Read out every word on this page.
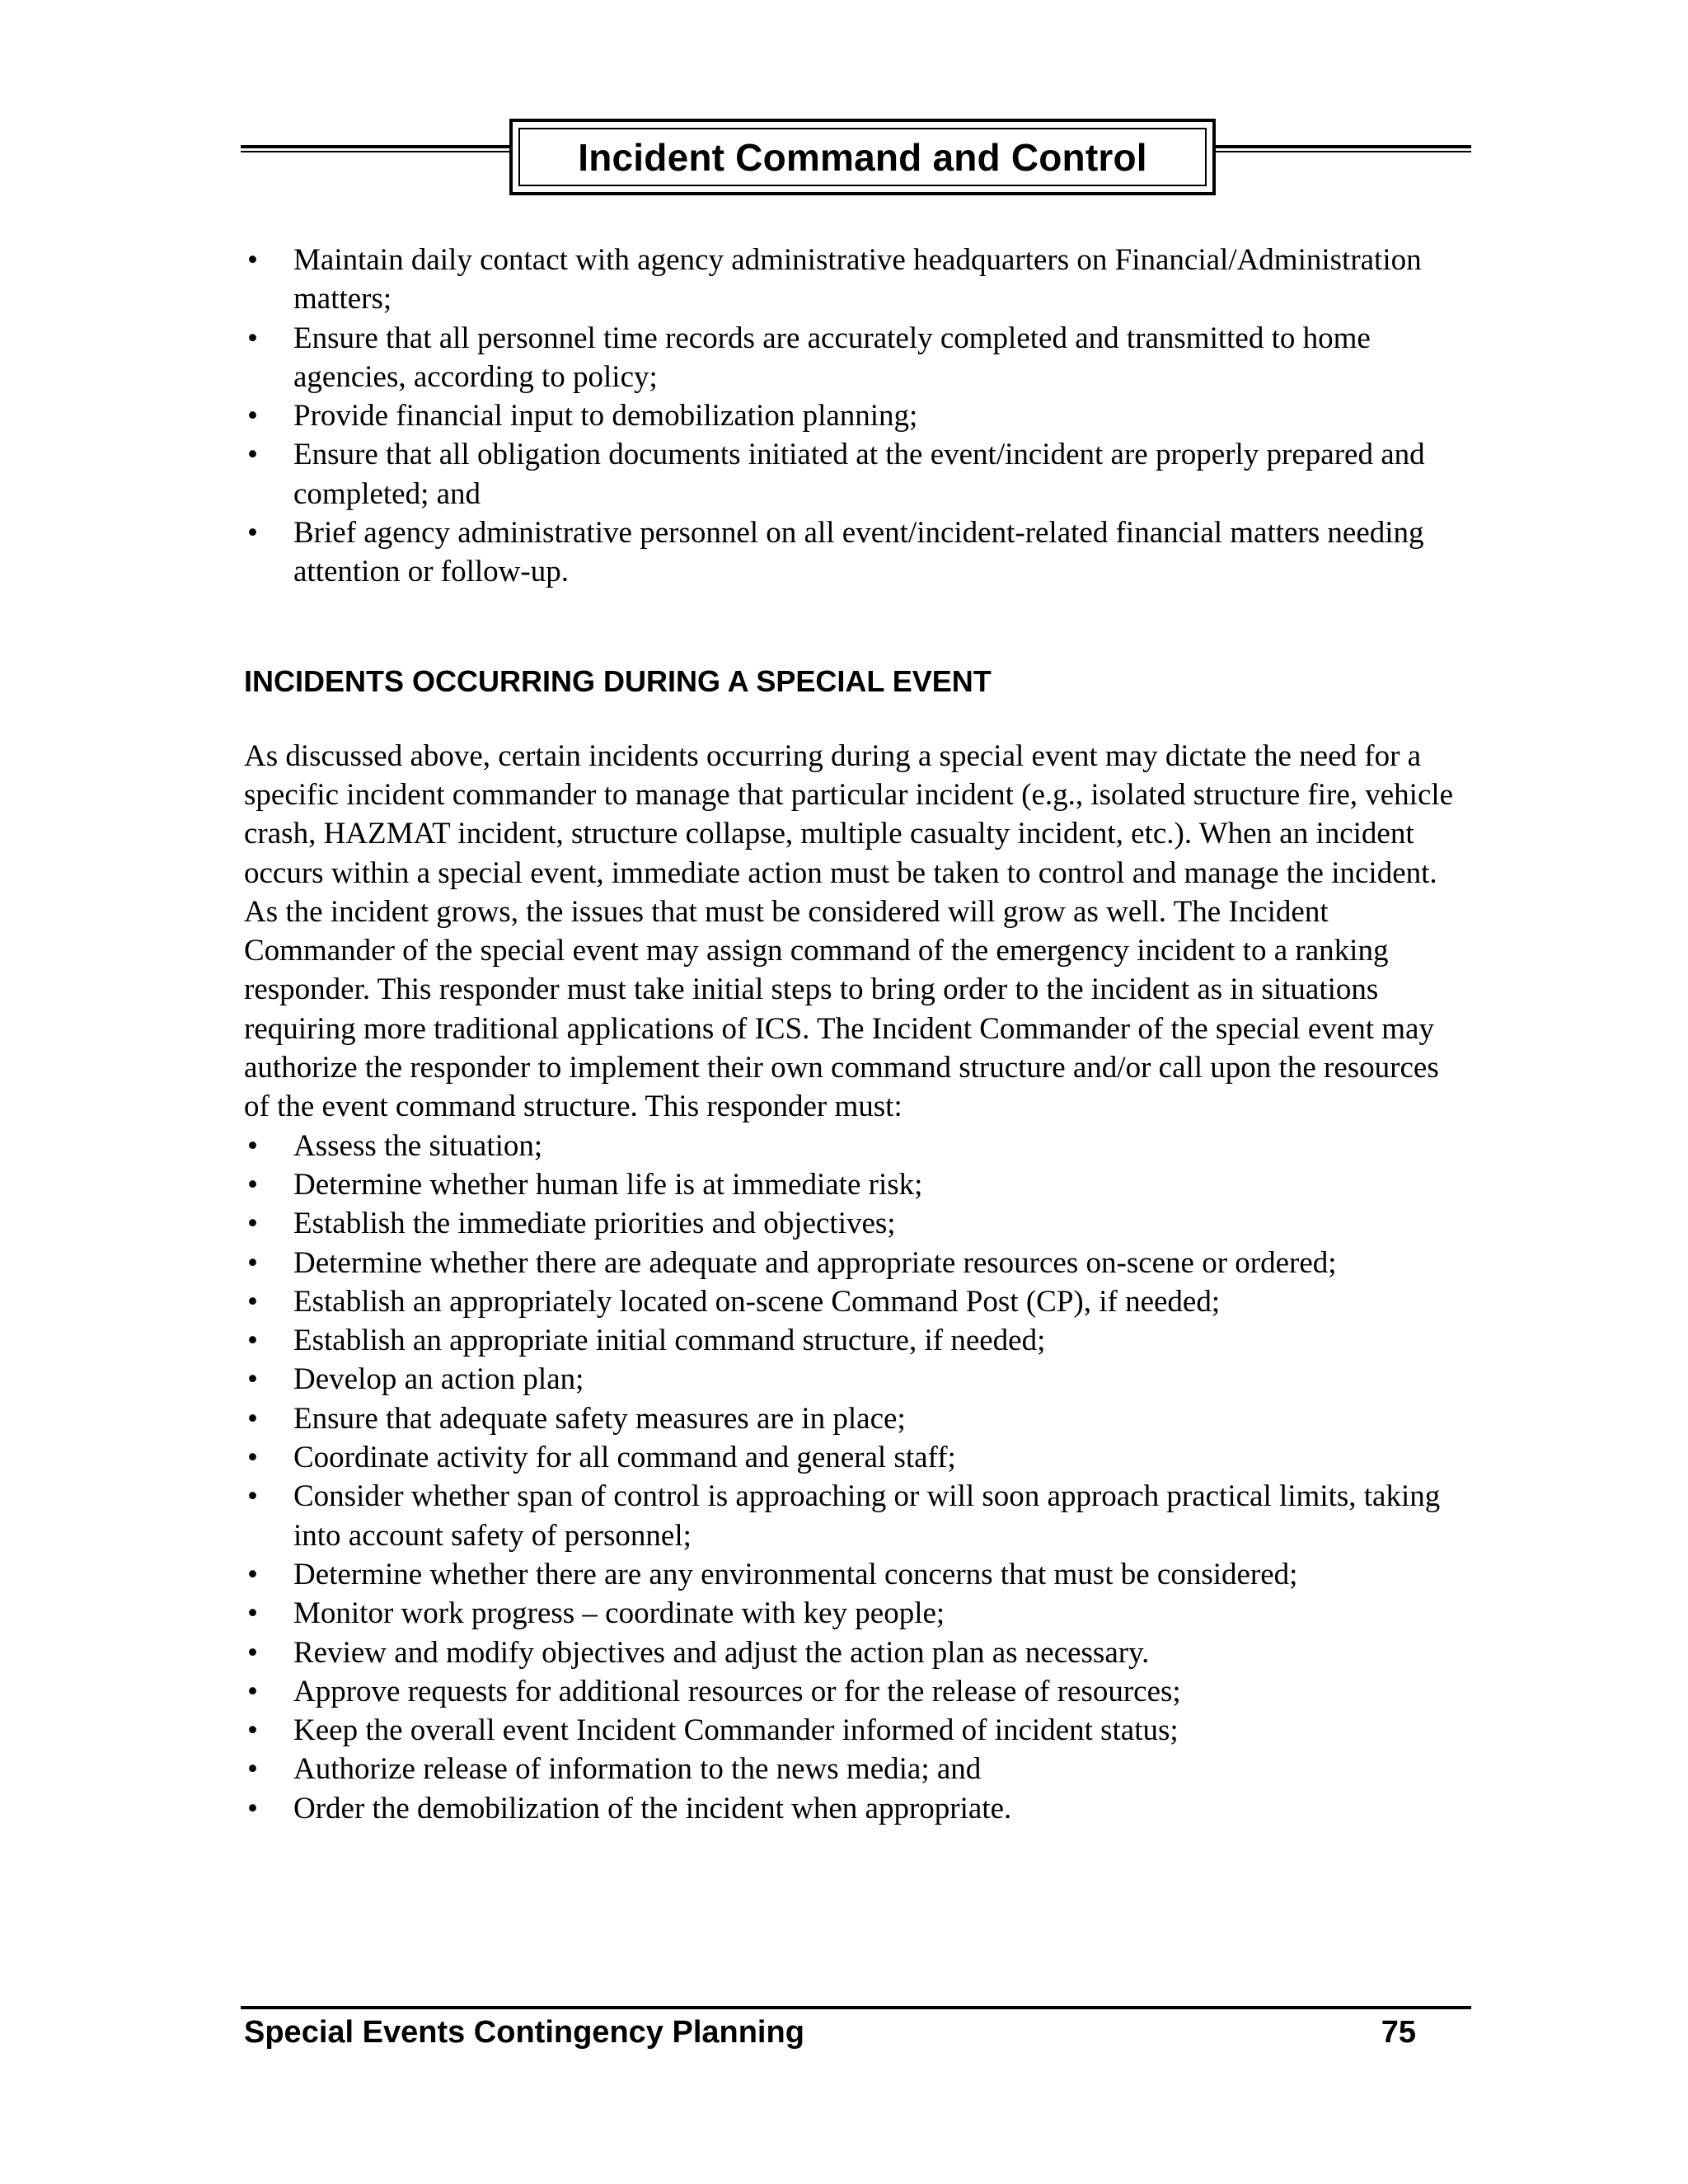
Incident Command and Control
• Maintain daily contact with agency administrative headquarters on Financial/Administration matters;
• Ensure that all personnel time records are accurately completed and transmitted to home agencies, according to policy;
• Provide financial input to demobilization planning;
• Ensure that all obligation documents initiated at the event/incident are properly prepared and completed; and
• Brief agency administrative personnel on all event/incident-related financial matters needing attention or follow-up.
INCIDENTS OCCURRING DURING A SPECIAL EVENT
As discussed above, certain incidents occurring during a special event may dictate the need for a specific incident commander to manage that particular incident (e.g., isolated structure fire, vehicle crash, HAZMAT incident, structure collapse, multiple casualty incident, etc.). When an incident occurs within a special event, immediate action must be taken to control and manage the incident. As the incident grows, the issues that must be considered will grow as well. The Incident Commander of the special event may assign command of the emergency incident to a ranking responder. This responder must take initial steps to bring order to the incident as in situations requiring more traditional applications of ICS. The Incident Commander of the special event may authorize the responder to implement their own command structure and/or call upon the resources of the event command structure. This responder must:
• Assess the situation;
• Determine whether human life is at immediate risk;
• Establish the immediate priorities and objectives;
• Determine whether there are adequate and appropriate resources on-scene or ordered;
• Establish an appropriately located on-scene Command Post (CP), if needed;
• Establish an appropriate initial command structure, if needed;
• Develop an action plan;
• Ensure that adequate safety measures are in place;
• Coordinate activity for all command and general staff;
• Consider whether span of control is approaching or will soon approach practical limits, taking into account safety of personnel;
• Determine whether there are any environmental concerns that must be considered;
• Monitor work progress – coordinate with key people;
• Review and modify objectives and adjust the action plan as necessary.
• Approve requests for additional resources or for the release of resources;
• Keep the overall event Incident Commander informed of incident status;
• Authorize release of information to the news media; and
• Order the demobilization of the incident when appropriate.
Special Events Contingency Planning	75
